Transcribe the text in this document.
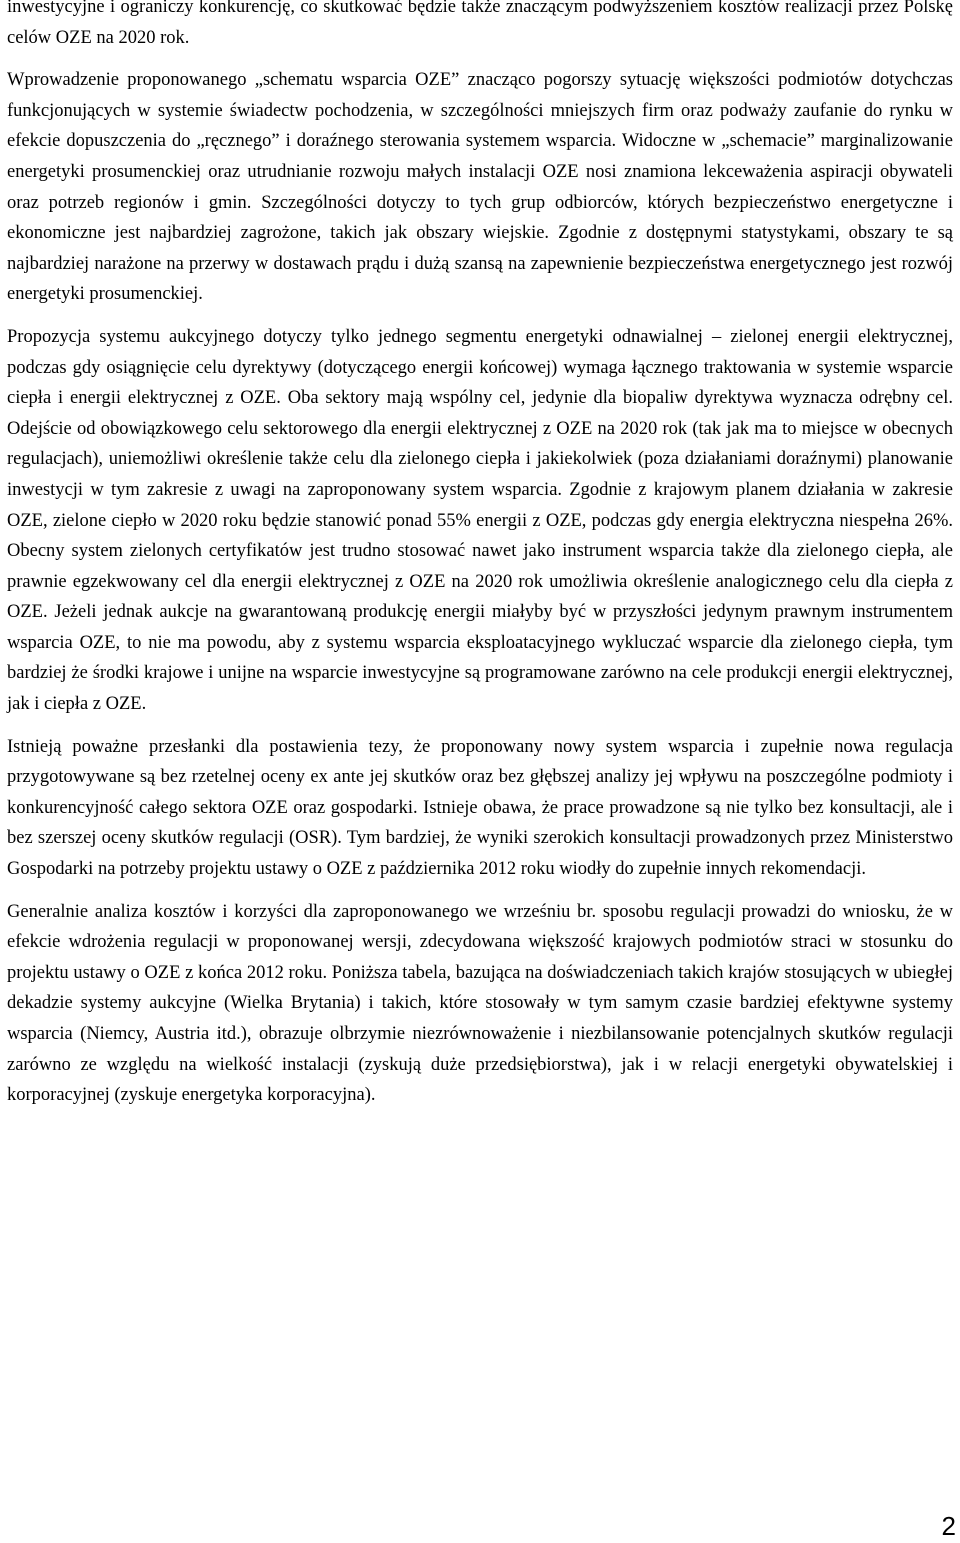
inwestycyjne i ograniczy konkurencję, co skutkować będzie także znaczącym podwyższeniem kosztów realizacji przez Polskę celów OZE na 2020 rok.

Wprowadzenie proponowanego „schematu wsparcia OZE” znacząco pogorszy sytuację większości podmiotów dotychczas funkcjonujących w systemie świadectw pochodzenia, w szczególności mniejszych firm oraz podważy zaufanie do rynku w efekcie dopuszczenia do „ręcznego” i doraźnego sterowania systemem wsparcia. Widoczne w „schemacie” marginalizowanie energetyki prosumenckiej oraz utrudnianie rozwoju małych instalacji OZE nosi znamiona lekceważenia aspiracji obywateli oraz potrzeb regionów i gmin. Szczególności dotyczy to tych grup odbiorców, których bezpieczeństwo energetyczne i ekonomiczne jest najbardziej zagrożone, takich jak obszary wiejskie. Zgodnie z dostępnymi statystykami, obszary te są najbardziej narażone na przerwy w dostawach prądu i dużą szansą na zapewnienie bezpieczeństwa energetycznego jest rozwój energetyki prosumenckiej.

Propozycja systemu aukcyjnego dotyczy tylko jednego segmentu energetyki odnawialnej – zielonej energii elektrycznej, podczas gdy osiągnięcie celu dyrektywy (dotyczącego energii końcowej) wymaga łącznego traktowania w systemie wsparcie ciepła i energii elektrycznej z OZE. Oba sektory mają wspólny cel, jedynie dla biopaliw dyrektywa wyznacza odrębny cel. Odejście od obowiązkowego celu sektorowego dla energii elektrycznej z OZE na 2020 rok (tak jak ma to miejsce w obecnych regulacjach), uniemożliwi określenie także celu dla zielonego ciepła i jakiekolwiek (poza działaniami doraźnymi) planowanie inwestycji w tym zakresie z uwagi na zaproponowany system wsparcia. Zgodnie z krajowym planem działania w zakresie OZE, zielone ciepło w 2020 roku będzie stanowić ponad 55% energii z OZE, podczas gdy energia elektryczna niespełna 26%. Obecny system zielonych certyfikatów jest trudno stosować nawet jako instrument wsparcia także dla zielonego ciepła, ale prawnie egzekwowany cel dla energii elektrycznej z OZE na 2020 rok umożliwia określenie analogicznego celu dla ciepła z OZE. Jeżeli jednak aukcje na gwarantowaną produkcję energii miałyby być w przyszłości jedynym prawnym instrumentem wsparcia OZE, to nie ma powodu, aby z systemu wsparcia eksploatacyjnego wykluczać wsparcie dla zielonego ciepła, tym bardziej że środki krajowe i unijne na wsparcie inwestycyjne są programowane zarówno na cele produkcji energii elektrycznej, jak i ciepła z OZE.

Istnieją poważne przesłanki dla postawienia tezy, że proponowany nowy system wsparcia i zupełnie nowa regulacja przygotowywane są bez rzetelnej oceny ex ante jej skutków oraz bez głębszej analizy jej wpływu na poszczególne podmioty i konkurencyjność całego sektora OZE oraz gospodarki. Istnieje obawa, że prace prowadzone są nie tylko bez konsultacji, ale i bez szerszej oceny skutków regulacji (OSR). Tym bardziej, że wyniki szerokich konsultacji prowadzonych przez Ministerstwo Gospodarki na potrzeby projektu ustawy o OZE z października 2012 roku wiodły do zupełnie innych rekomendacji.

Generalnie analiza kosztów i korzyści dla zaproponowanego we wrześniu br. sposobu regulacji prowadzi do wniosku, że w efekcie wdrożenia regulacji w proponowanej wersji, zdecydowana większość krajowych podmiotów straci w stosunku do projektu ustawy o OZE z końca 2012 roku. Poniższa tabela, bazująca na doświadczeniach takich krajów stosujących w ubiegłej dekadzie systemy aukcyjne (Wielka Brytania) i takich, które stosowały w tym samym czasie bardziej efektywne systemy wsparcia (Niemcy, Austria itd.), obrazuje olbrzymie niezrównoważenie i niezbilansowanie potencjalnych skutków regulacji zarówno ze względu na wielkość instalacji (zyskują duże przedsiębiorstwa), jak i w relacji energetyki obywatelskiej i korporacyjnej (zyskuje energetyka korporacyjna).

2
